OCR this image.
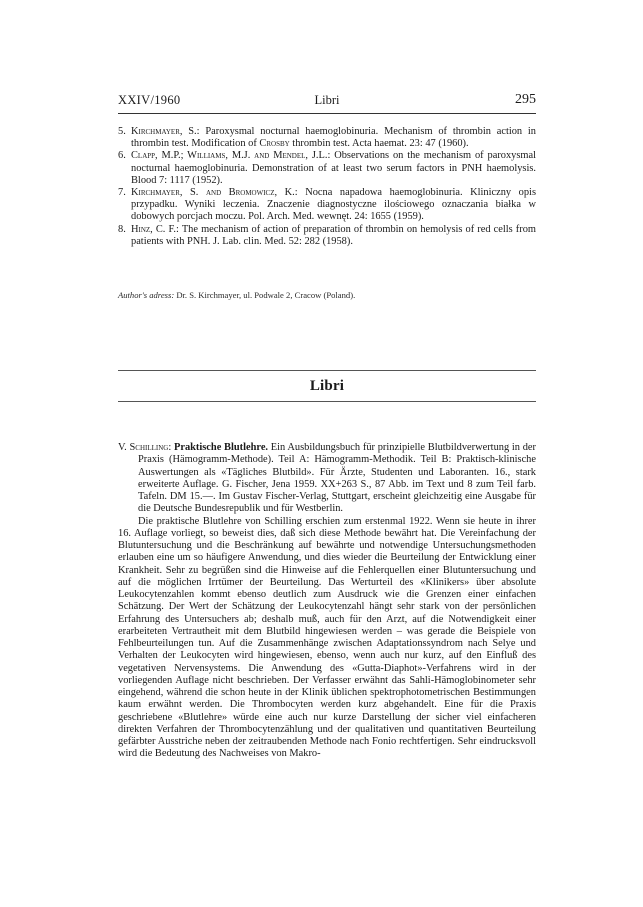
XXIV/1960	Libri	295
5. Kirchmayer, S.: Paroxysmal nocturnal haemoglobinuria. Mechanism of thrombin action in thrombin test. Modification of Crosby thrombin test. Acta haemat. 23: 47 (1960).
6. Clapp, M.P.; Williams, M.J. and Mendel, J.L.: Observations on the mechanism of paroxysmal nocturnal haemoglobinuria. Demonstration of at least two serum factors in PNH haemolysis. Blood 7: 1117 (1952).
7. Kirchmayer, S. and Bromowicz, K.: Nocna napadowa haemoglobinuria. Kliniczny opis przypadku. Wyniki leczenia. Znaczenie diagnostyczne ilościowego oznaczania białka w dobowych porcjach moczu. Pol. Arch. Med. wewnęt. 24: 1655 (1959).
8. Hinz, C. F.: The mechanism of action of preparation of thrombin on hemolysis of red cells from patients with PNH. J. Lab. clin. Med. 52: 282 (1958).
Author's adress: Dr. S. Kirchmayer, ul. Podwale 2, Cracow (Poland).
Libri

V. Schilling: Praktische Blutlehre. Ein Ausbildungsbuch für prinzipielle Blutbildverwertung in der Praxis (Hämogramm-Methode). Teil A: Hämogramm-Methodik. Teil B: Praktisch-klinische Auswertungen als «Tägliches Blutbild». Für Ärzte, Studenten und Laboranten. 16., stark erweiterte Auflage. G. Fischer, Jena 1959. XX+263 S., 87 Abb. im Text und 8 zum Teil farb. Tafeln. DM 15.—. Im Gustav Fischer-Verlag, Stuttgart, erscheint gleichzeitig eine Ausgabe für die Deutsche Bundesrepublik und für Westberlin.

Die praktische Blutlehre von Schilling erschien zum erstenmal 1922. Wenn sie heute in ihrer 16. Auflage vorliegt, so beweist dies, daß sich diese Methode bewährt hat. Die Vereinfachung der Blutuntersuchung und die Beschränkung auf bewährte und notwendige Untersuchungsmethoden erlauben eine um so häufigere Anwendung, und dies wieder die Beurteilung der Entwicklung einer Krankheit. Sehr zu begrüßen sind die Hinweise auf die Fehlerquellen einer Blutuntersuchung und auf die möglichen Irrtümer der Beurteilung. Das Werturteil des «Klinikers» über absolute Leukocytenzahlen kommt ebenso deutlich zum Ausdruck wie die Grenzen einer einfachen Schätzung. Der Wert der Schätzung der Leukocytenzahl hängt sehr stark von der persönlichen Erfahrung des Untersuchers ab; deshalb muß, auch für den Arzt, auf die Notwendigkeit einer erarbeiteten Vertrautheit mit dem Blutbild hingewiesen werden – was gerade die Beispiele von Fehlbeurteilungen tun. Auf die Zusammenhänge zwischen Adaptationssyndrom nach Selye und Verhalten der Leukocyten wird hingewiesen, ebenso, wenn auch nur kurz, auf den Einfluß des vegetativen Nervensystems. Die Anwendung des «Gutta-Diaphot»-Verfahrens wird in der vorliegenden Auflage nicht beschrieben. Der Verfasser erwähnt das Sahli-Hämoglobinometer sehr eingehend, während die schon heute in der Klinik üblichen spektrophotometrischen Bestimmungen kaum erwähnt werden. Die Thrombocyten werden kurz abgehandelt. Eine für die Praxis geschriebene «Blutlehre» würde eine auch nur kurze Darstellung der sicher viel einfacheren direkten Verfahren der Thrombocytenzählung und der qualitativen und quantitativen Beurteilung gefärbter Ausstriche neben der zeitraubenden Methode nach Fonio rechtfertigen. Sehr eindrucksvoll wird die Bedeutung des Nachweises von Makro-
